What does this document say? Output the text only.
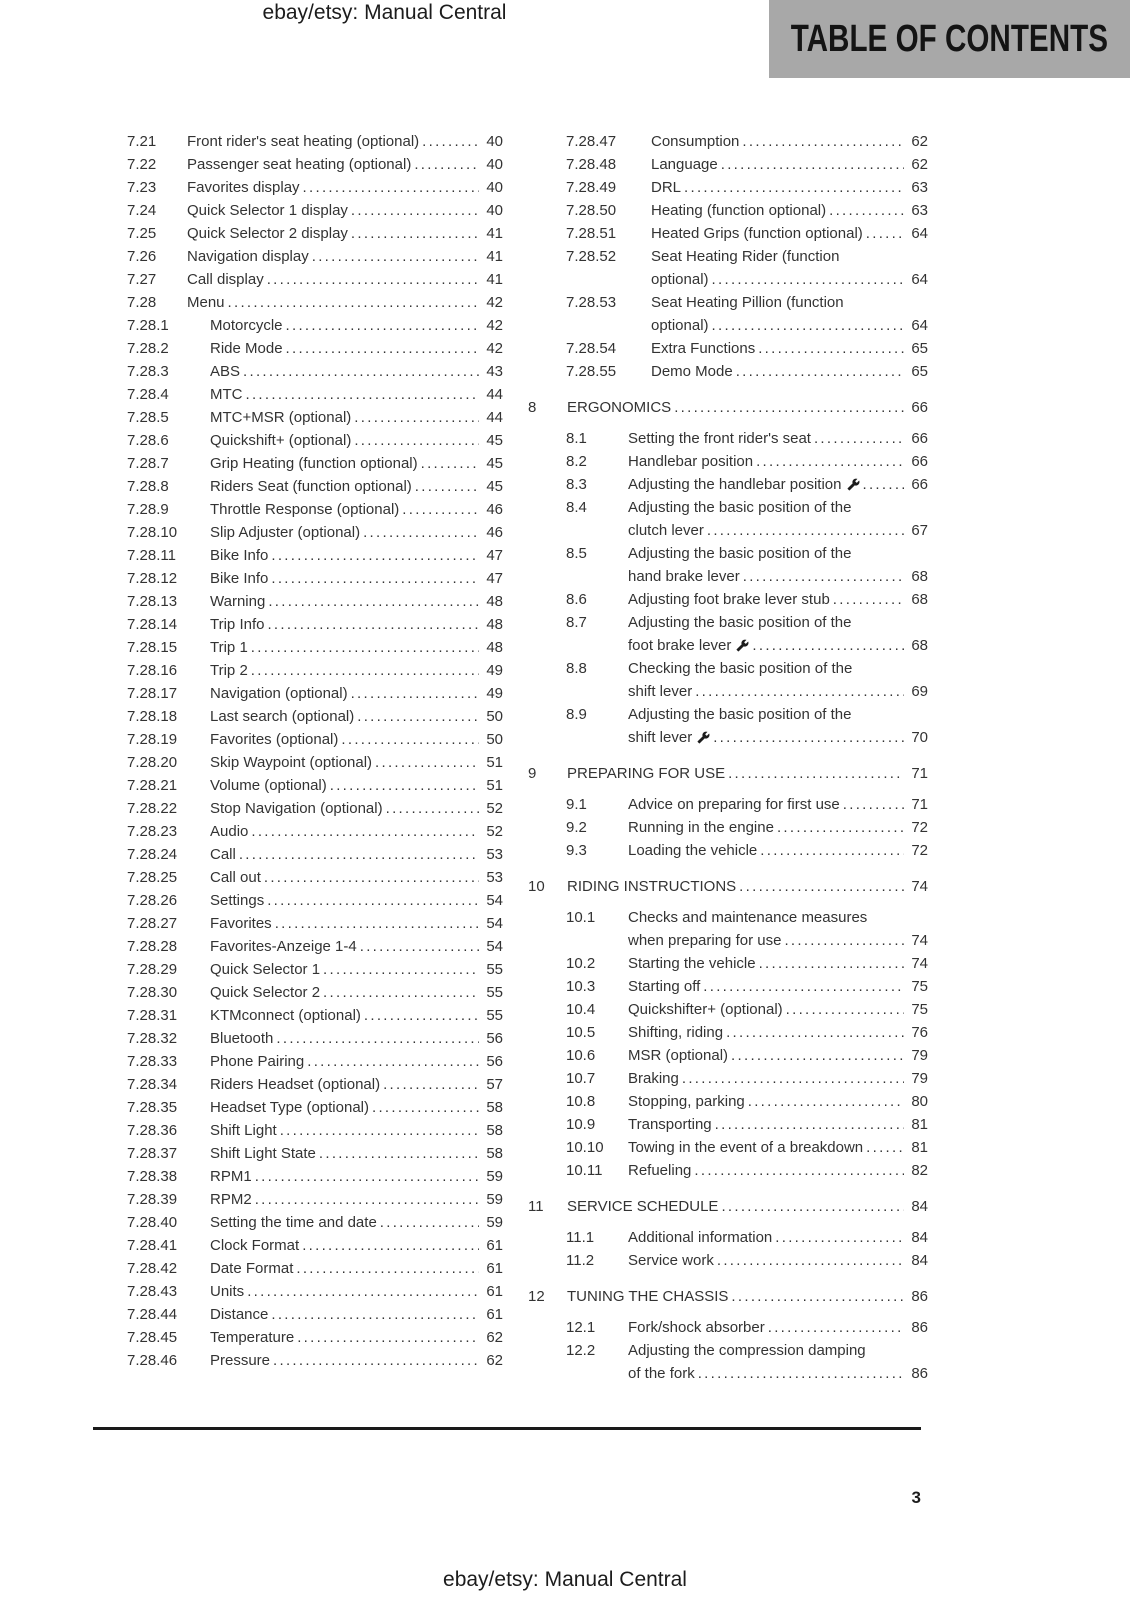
ebay/etsy: Manual Central
TABLE OF CONTENTS
7.21	Front rider's seat heating (optional) .....	40
7.22	Passenger seat heating (optional) .....	40
7.23	Favorites display .....	40
7.24	Quick Selector 1 display .....	40
7.25	Quick Selector 2 display .....	41
7.26	Navigation display .....	41
7.27	Call display .....	41
7.28	Menu .....	42
7.28.1	Motorcycle .....	42
7.28.2	Ride Mode .....	42
7.28.3	ABS .....	43
7.28.4	MTC .....	44
7.28.5	MTC+MSR (optional) .....	44
7.28.6	Quickshift+ (optional) .....	45
7.28.7	Grip Heating (function optional) .....	45
7.28.8	Riders Seat (function optional) .....	45
7.28.9	Throttle Response (optional) .....	46
7.28.10	Slip Adjuster (optional) .....	46
7.28.11	Bike Info .....	47
7.28.12	Bike Info .....	47
7.28.13	Warning .....	48
7.28.14	Trip Info .....	48
7.28.15	Trip 1 .....	48
7.28.16	Trip 2 .....	49
7.28.17	Navigation (optional) .....	49
7.28.18	Last search (optional) .....	50
7.28.19	Favorites (optional) .....	50
7.28.20	Skip Waypoint (optional) .....	51
7.28.21	Volume (optional) .....	51
7.28.22	Stop Navigation (optional) .....	52
7.28.23	Audio .....	52
7.28.24	Call .....	53
7.28.25	Call out .....	53
7.28.26	Settings .....	54
7.28.27	Favorites .....	54
7.28.28	Favorites-Anzeige 1-4 .....	54
7.28.29	Quick Selector 1 .....	55
7.28.30	Quick Selector 2 .....	55
7.28.31	KTMconnect (optional) .....	55
7.28.32	Bluetooth .....	56
7.28.33	Phone Pairing .....	56
7.28.34	Riders Headset (optional) .....	57
7.28.35	Headset Type (optional) .....	58
7.28.36	Shift Light .....	58
7.28.37	Shift Light State .....	58
7.28.38	RPM1 .....	59
7.28.39	RPM2 .....	59
7.28.40	Setting the time and date .....	59
7.28.41	Clock Format .....	61
7.28.42	Date Format .....	61
7.28.43	Units .....	61
7.28.44	Distance .....	61
7.28.45	Temperature .....	62
7.28.46	Pressure .....	62
7.28.47	Consumption .....	62
7.28.48	Language .....	62
7.28.49	DRL .....	63
7.28.50	Heating (function optional) .....	63
7.28.51	Heated Grips (function optional) .....	64
7.28.52	Seat Heating Rider (function
optional) .....	64
7.28.53	Seat Heating Pillion (function
optional) .....	64
7.28.54	Extra Functions .....	65
7.28.55	Demo Mode .....	65
8	ERGONOMICS .....	66
8.1	Setting the front rider's seat .....	66
8.2	Handlebar position .....	66
8.3	Adjusting the handlebar position .....	66
8.4	Adjusting the basic position of the
clutch lever .....	67
8.5	Adjusting the basic position of the
hand brake lever .....	68
8.6	Adjusting foot brake lever stub .....	68
8.7	Adjusting the basic position of the
foot brake lever .....	68
8.8	Checking the basic position of the
shift lever .....	69
8.9	Adjusting the basic position of the
shift lever .....	70
9	PREPARING FOR USE .....	71
9.1	Advice on preparing for first use .....	71
9.2	Running in the engine .....	72
9.3	Loading the vehicle .....	72
10	RIDING INSTRUCTIONS .....	74
10.1	Checks and maintenance measures
when preparing for use .....	74
10.2	Starting the vehicle .....	74
10.3	Starting off .....	75
10.4	Quickshifter+ (optional) .....	75
10.5	Shifting, riding .....	76
10.6	MSR (optional) .....	79
10.7	Braking .....	79
10.8	Stopping, parking .....	80
10.9	Transporting .....	81
10.10	Towing in the event of a breakdown .....	81
10.11	Refueling .....	82
11	SERVICE SCHEDULE .....	84
11.1	Additional information .....	84
11.2	Service work .....	84
12	TUNING THE CHASSIS .....	86
12.1	Fork/shock absorber .....	86
12.2	Adjusting the compression damping
of the fork .....	86
3
ebay/etsy: Manual Central
